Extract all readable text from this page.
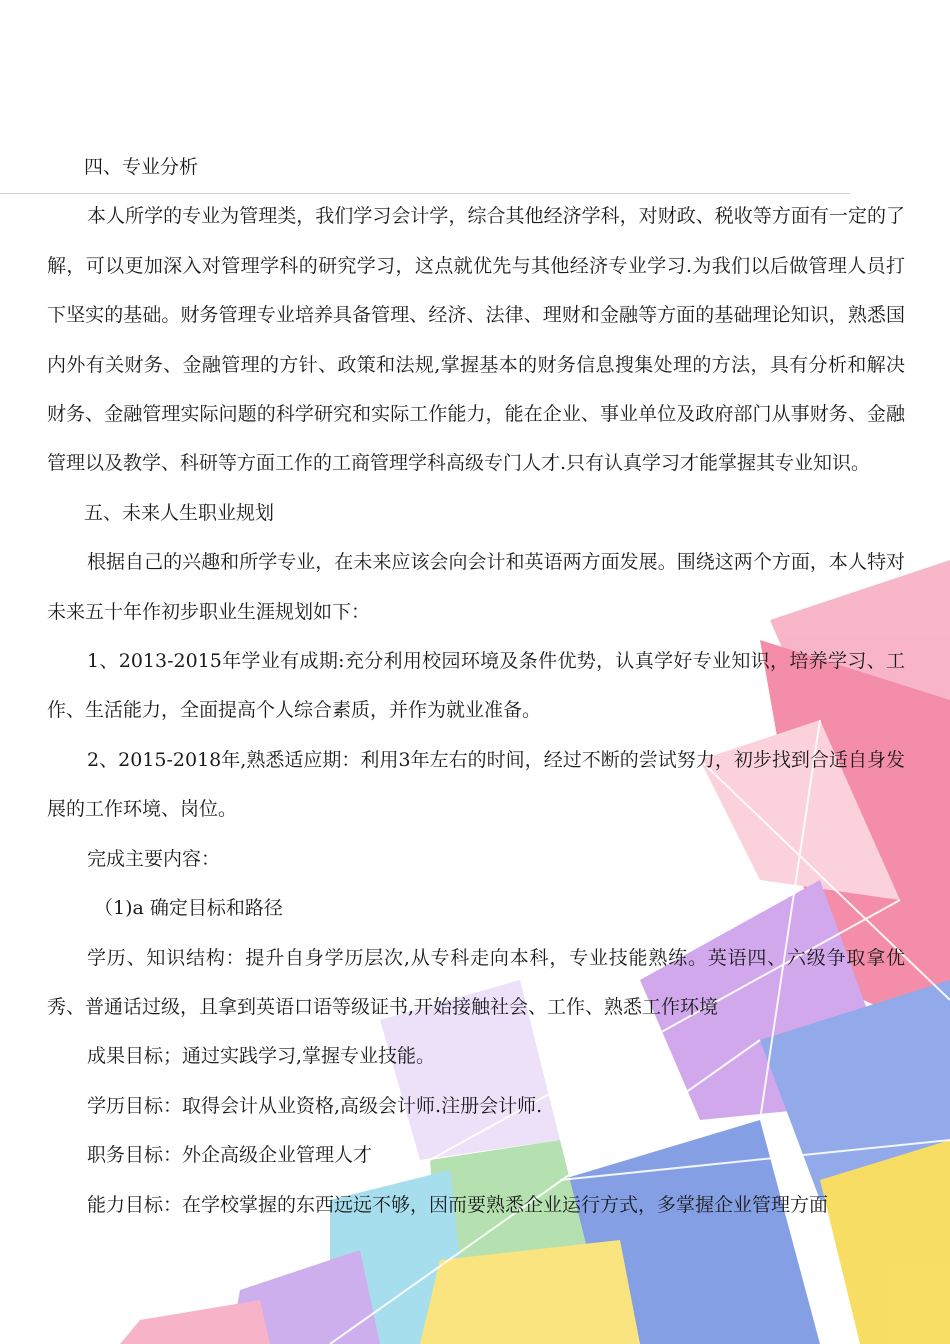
四、专业分析

本人所学的专业为管理类，我们学习会计学，综合其他经济学科，对财政、税收等方面有一定的了解，可以更加深入对管理学科的研究学习，这点就优先与其他经济专业学习.为我们以后做管理人员打下坚实的基础。财务管理专业培养具备管理、经济、法律、理财和金融等方面的基础理论知识，熟悉国内外有关财务、金融管理的方针、政策和法规,掌握基本的财务信息搜集处理的方法，具有分析和解决财务、金融管理实际问题的科学研究和实际工作能力，能在企业、事业单位及政府部门从事财务、金融管理以及教学、科研等方面工作的工商管理学科高级专门人才.只有认真学习才能掌握其专业知识。

五、未来人生职业规划

根据自己的兴趣和所学专业，在未来应该会向会计和英语两方面发展。围绕这两个方面，本人特对未来五十年作初步职业生涯规划如下：

1、2013-2015年学业有成期:充分利用校园环境及条件优势，认真学好专业知识，培养学习、工作、生活能力，全面提高个人综合素质，并作为就业准备。

2、2015-2018年,熟悉适应期：利用3年左右的时间，经过不断的尝试努力，初步找到合适自身发展的工作环境、岗位。

完成主要内容：

（1)a 确定目标和路径

学历、知识结构：提升自身学历层次,从专科走向本科，专业技能熟练。英语四、六级争取拿优秀、普通话过级，且拿到英语口语等级证书,开始接触社会、工作、熟悉工作环境

成果目标；通过实践学习,掌握专业技能。

学历目标：取得会计从业资格,高级会计师.注册会计师.

职务目标：外企高级企业管理人才

能力目标：在学校掌握的东西远远不够，因而要熟悉企业运行方式，多掌握企业管理方面
